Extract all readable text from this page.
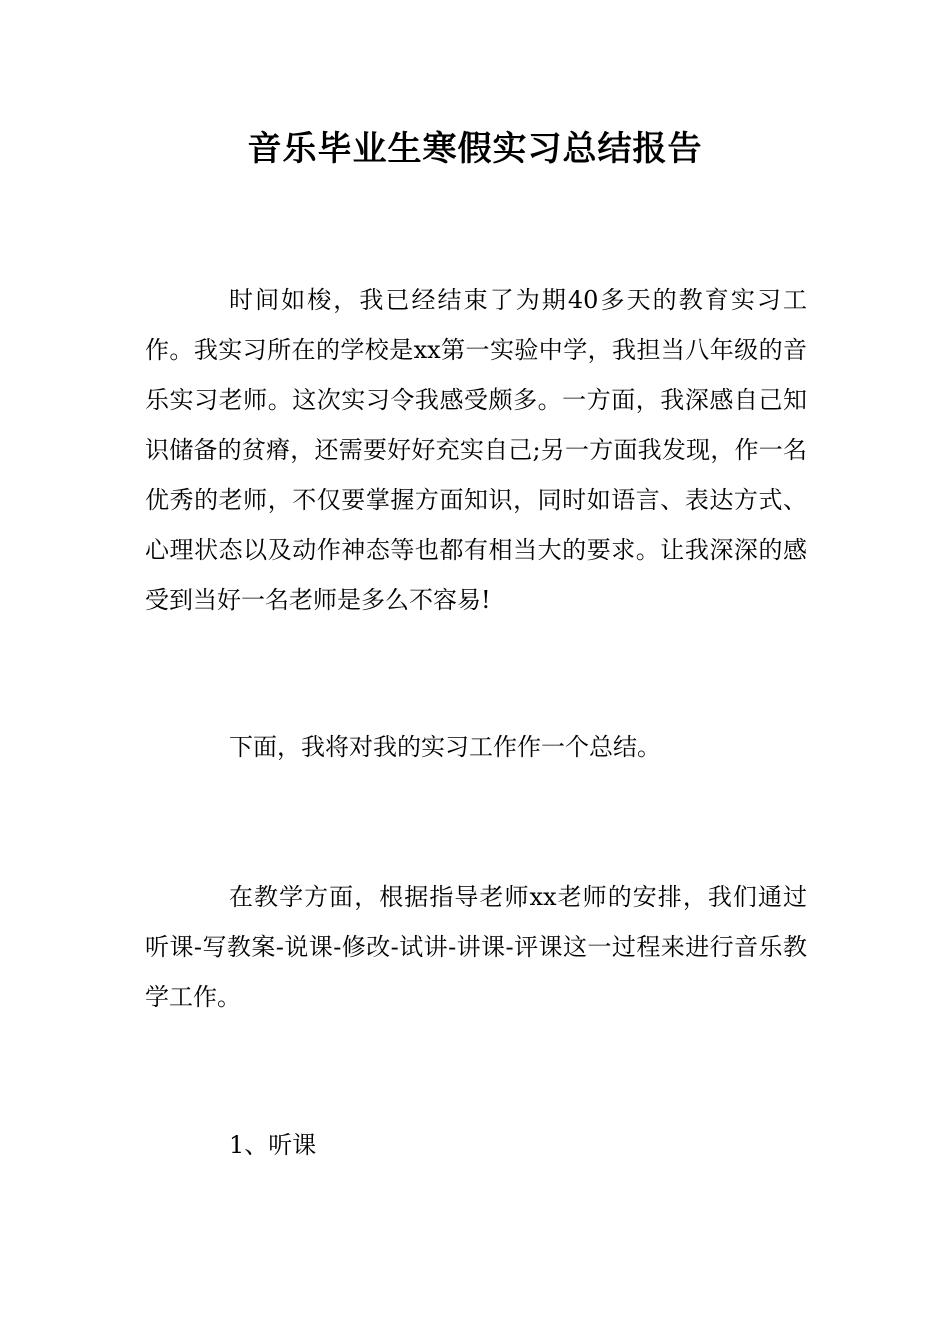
音乐毕业生寒假实习总结报告

时间如梭，我已经结束了为期40多天的教育实习工作。我实习所在的学校是xx第一实验中学，我担当八年级的音乐实习老师。这次实习令我感受颇多。一方面，我深感自己知识储备的贫瘠，还需要好好充实自己;另一方面我发现，作一名优秀的老师，不仅要掌握方面知识，同时如语言、表达方式、心理状态以及动作神态等也都有相当大的要求。让我深深的感受到当好一名老师是多么不容易!

下面，我将对我的实习工作作一个总结。

在教学方面，根据指导老师xx老师的安排，我们通过听课-写教案-说课-修改-试讲-讲课-评课这一过程来进行音乐教学工作。

1、听课
